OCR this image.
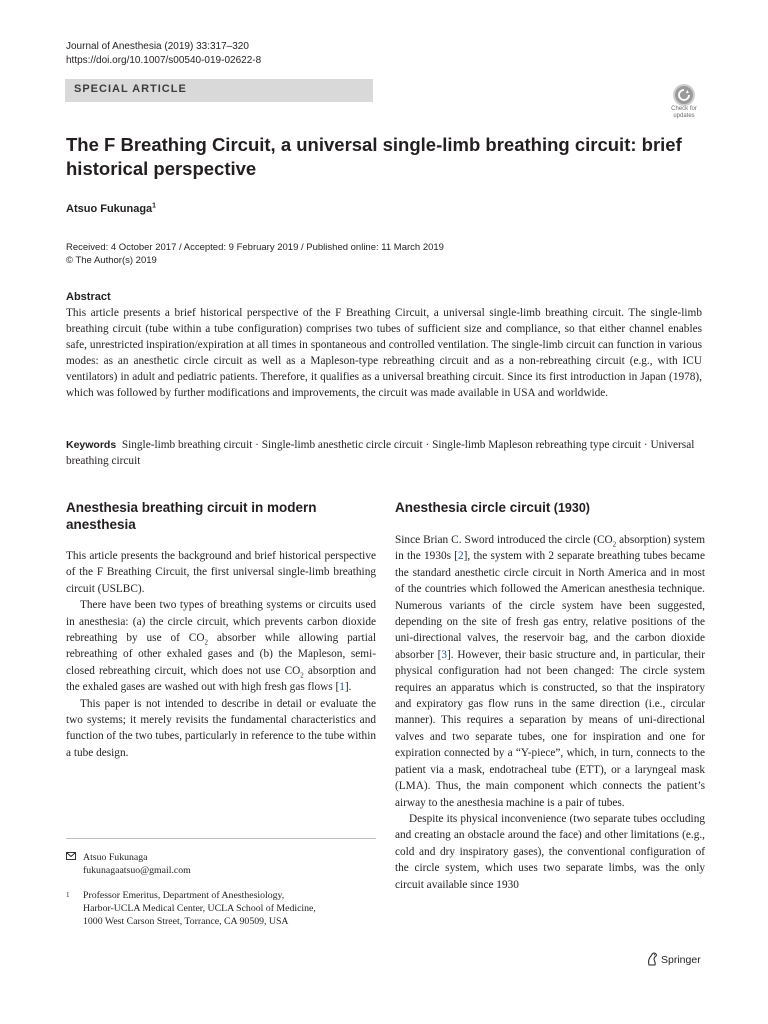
Journal of Anesthesia (2019) 33:317–320
https://doi.org/10.1007/s00540-019-02622-8
SPECIAL ARTICLE
Check for updates
The F Breathing Circuit, a universal single-limb breathing circuit: brief historical perspective
Atsuo Fukunaga$^1$
Received: 4 October 2017 / Accepted: 9 February 2019 / Published online: 11 March 2019
© The Author(s) 2019
Abstract
This article presents a brief historical perspective of the F Breathing Circuit, a universal single-limb breathing circuit. The single-limb breathing circuit (tube within a tube configuration) comprises two tubes of sufficient size and compliance, so that either channel enables safe, unrestricted inspiration/expiration at all times in spontaneous and controlled ventilation. The single-limb circuit can function in various modes: as an anesthetic circle circuit as well as a Mapleson-type rebreathing circuit and as a non-rebreathing circuit (e.g., with ICU ventilators) in adult and pediatric patients. Therefore, it qualifies as a universal breathing circuit. Since its first introduction in Japan (1978), which was followed by further modifications and improvements, the circuit was made available in USA and worldwide.
Keywords Single-limb breathing circuit · Single-limb anesthetic circle circuit · Single-limb Mapleson rebreathing type circuit · Universal breathing circuit
Anesthesia breathing circuit in modern anesthesia

This article presents the background and brief historical perspective of the F Breathing Circuit, the first universal single-limb breathing circuit (USLBC).

There have been two types of breathing systems or circuits used in anesthesia: (a) the circle circuit, which prevents carbon dioxide rebreathing by use of $CO_2$ absorber while allowing partial rebreathing of other exhaled gases and (b) the Mapleson, semi-closed rebreathing circuit, which does not use $CO_2$ absorption and the exhaled gases are washed out with high fresh gas flows [1].

This paper is not intended to describe in detail or evaluate the two systems; it merely revisits the fundamental characteristics and function of the two tubes, particularly in reference to the tube within a tube design.

Anesthesia circle circuit (1930)

Since Brian C. Sword introduced the circle ($CO_2$ absorption) system in the 1930s [2], the system with 2 separate breathing tubes became the standard anesthetic circle circuit in North America and in most of the countries which followed the American anesthesia technique. Numerous variants of the circle system have been suggested, depending on the site of fresh gas entry, relative positions of the uni-directional valves, the reservoir bag, and the carbon dioxide absorber [3]. However, their basic structure and, in particular, their physical configuration had not been changed: The circle system requires an apparatus which is constructed, so that the inspiratory and expiratory gas flow runs in the same direction (i.e., circular manner). This requires a separation by means of uni-directional valves and two separate tubes, one for inspiration and one for expiration connected by a “Y-piece”, which, in turn, connects to the patient via a mask, endotracheal tube (ETT), or a laryngeal mask (LMA). Thus, the main component which connects the patient’s airway to the anesthesia machine is a pair of tubes.

Despite its physical inconvenience (two separate tubes occluding and creating an obstacle around the face) and other limitations (e.g., cold and dry inspiratory gases), the conventional configuration of the circle system, which uses two separate limbs, was the only circuit available since 1930

Atsuo Fukunaga
fukunagaatsuo@gmail.com
1 Professor Emeritus, Department of Anesthesiology,
Harbor-UCLA Medical Center, UCLA School of Medicine,
1000 West Carson Street, Torrance, CA 90509, USA
Springer
